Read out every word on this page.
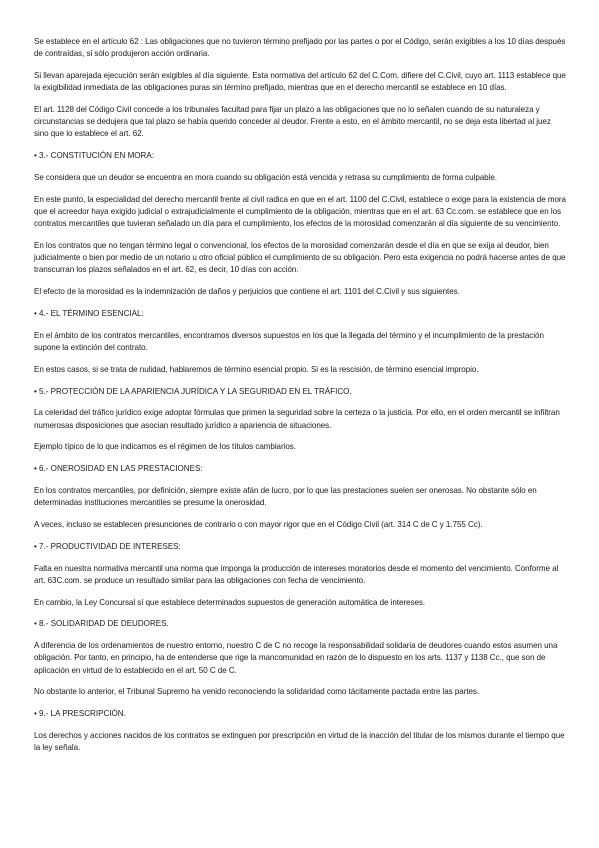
Se establece en el artículo 62 : Las obligaciones que no tuvieron término prefijado por las partes o por el Código, serán exigibles a los 10 días después de contraídas, si sólo produjeron acción ordinaria.

Si llevan aparejada ejecución serán exigibles al día siguiente. Esta normativa del artículo 62 del C.Com. difiere del C.Civil, cuyo art. 1113 establece que la exigibilidad inmediata de las obligaciones puras sin término prefijado, mientras que en el derecho mercantil se establece en 10 días.

El art. 1128 del Código Civil concede a los tribunales facultad para fijar un plazo a las obligaciones que no lo señalen cuando de su naturaleza y circunstancias se dedujera que tal plazo se había querido conceder al deudor. Frente a esto, en el ámbito mercantil, no se deja esta libertad al juez sino que lo establece el art. 62.

• 3.- CONSTITUCIÓN EN MORA:

Se considera que un deudor se encuentra en mora cuando su obligación está vencida y retrasa su cumplimiento de forma culpable.

En este punto, la especialidad del derecho mercantil frente al civil radica en que en el art. 1100 del C.Civil, establece o exige para la existencia de mora que el acreedor haya exigido judicial o extrajudicialmente el cumplimiento de la obligación, mientras que en el art. 63 Cc.com. se establece que en los contratos mercantiles que tuvieran señalado un día para el cumplimiento, los efectos de la morosidad comenzarán al día siguiente de su vencimiento.

En los contratos que no tengan término legal o convencional, los efectos de la morosidad comenzarán desde el día en que se exija al deudor, bien judicialmente o bien por medio de un notario u otro oficial público el cumplimiento de su obligación. Pero esta exigencia no podrá hacerse antes de que transcurran los plazos señalados en el art. 62, es decir, 10 días con acción.

El efecto de la morosidad es la indemnización de daños y perjuicios que contiene el art. 1101 del C.Civil y sus siguientes.

• 4.- EL TÉRMINO ESENCIAL:

En el ámbito de los contratos mercantiles, encontramos diversos supuestos en los que la llegada del término y el incumplimiento de la prestación supone la extinción del contrato.

En estos casos, si se trata de nulidad, hablaremos de término esencial propio. Si es la rescisión, de término esencial impropio.

• 5.- PROTECCIÓN DE LA APARIENCIA JURÍDICA Y LA SEGURIDAD EN EL TRÁFICO.

La celeridad del tráfico jurídico exige adoptar fórmulas que primen la seguridad sobre la certeza o la justicia. Por ello, en el orden mercantil se infiltran numerosas disposiciones que asocian resultado jurídico a apariencia de situaciones.

Ejemplo típico de lo que indicamos es el régimen de los títulos cambiarios.

• 6.- ONEROSIDAD EN LAS PRESTACIONES:

En los contratos mercantiles, por definición, siempre existe afán de lucro, por lo que las prestaciones suelen ser onerosas. No obstante sólo en determinadas instituciones mercantiles se presume la onerosidad.

A veces, incluso se establecen presunciones de contrario o con mayor rigor que en el Código Civil (art. 314 C de C y 1.755 Cc).

• 7.- PRODUCTIVIDAD DE INTERESES:

Falta en nuestra normativa mercantil una norma que imponga la producción de intereses moratorios desde el momento del vencimiento. Conforme al art. 63C.com. se produce un resultado similar para las obligaciones con fecha de vencimiento.

En cambio, la Ley Concursal sí que establece determinados supuestos de generación automática de intereses.

• 8.- SOLIDARIDAD DE DEUDORES.

A diferencia de los ordenamientos de nuestro entorno, nuestro C de C no recoge la responsabilidad solidaria de deudores cuando estos asumen una obligación. Por tanto, en principio, ha de entenderse que rige la mancomunidad en razón de lo dispuesto en los arts. 1137 y 1138 Cc., que son de aplicación en virtud de lo establecido en el art. 50 C de C.

No obstante lo anterior, el Tribunal Supremo ha venido reconociendo la solidaridad como tácitamente pactada entre las partes.

• 9.- LA PRESCRIPCIÓN.

Los derechos y acciones nacidos de los contratos se extinguen por prescripción en virtud de la inacción del titular de los mismos durante el tiempo que la ley señala.
